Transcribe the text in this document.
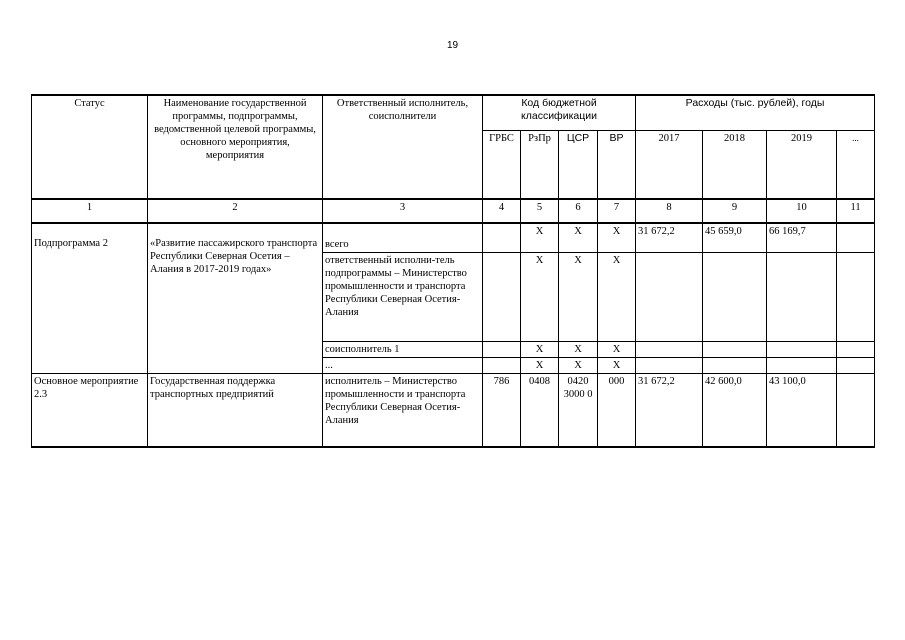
19
Статус	Наименование государственной программы, подпрограммы, ведомственной целевой программы, основного мероприятия, мероприятия	Ответственный исполнитель, соисполнители	Код бюджетной классификации				Расходы (тыс. рублей), годы			
			ГРБС	РзПр	ЦСР	ВР	2017	2018	2019	...
1	2	3	4	5	6	7	8	9	10	11

Подпрограмма 2	«Развитие пассажирского транспорта Республики Северная Осетия – Алания в 2017-2019 годах»	всего		Х	Х	Х	31 672,2	45 659,0	66 169,7	
		ответственный исполни-тель подпрограммы – Министерство промышленности и транспорта Республики Северная Осетия-Алания		Х	Х	Х				
		соисполнитель 1		Х	Х	Х				
		...		Х	Х	Х				
Основное мероприятие 2.3	Государственная поддержка транспортных предприятий	исполнитель – Министерство промышленности и транспорта Республики Северная Осетия-Алания	786	0408	0420 3000 0	000	31 672,2	42 600,0	43 100,0	
